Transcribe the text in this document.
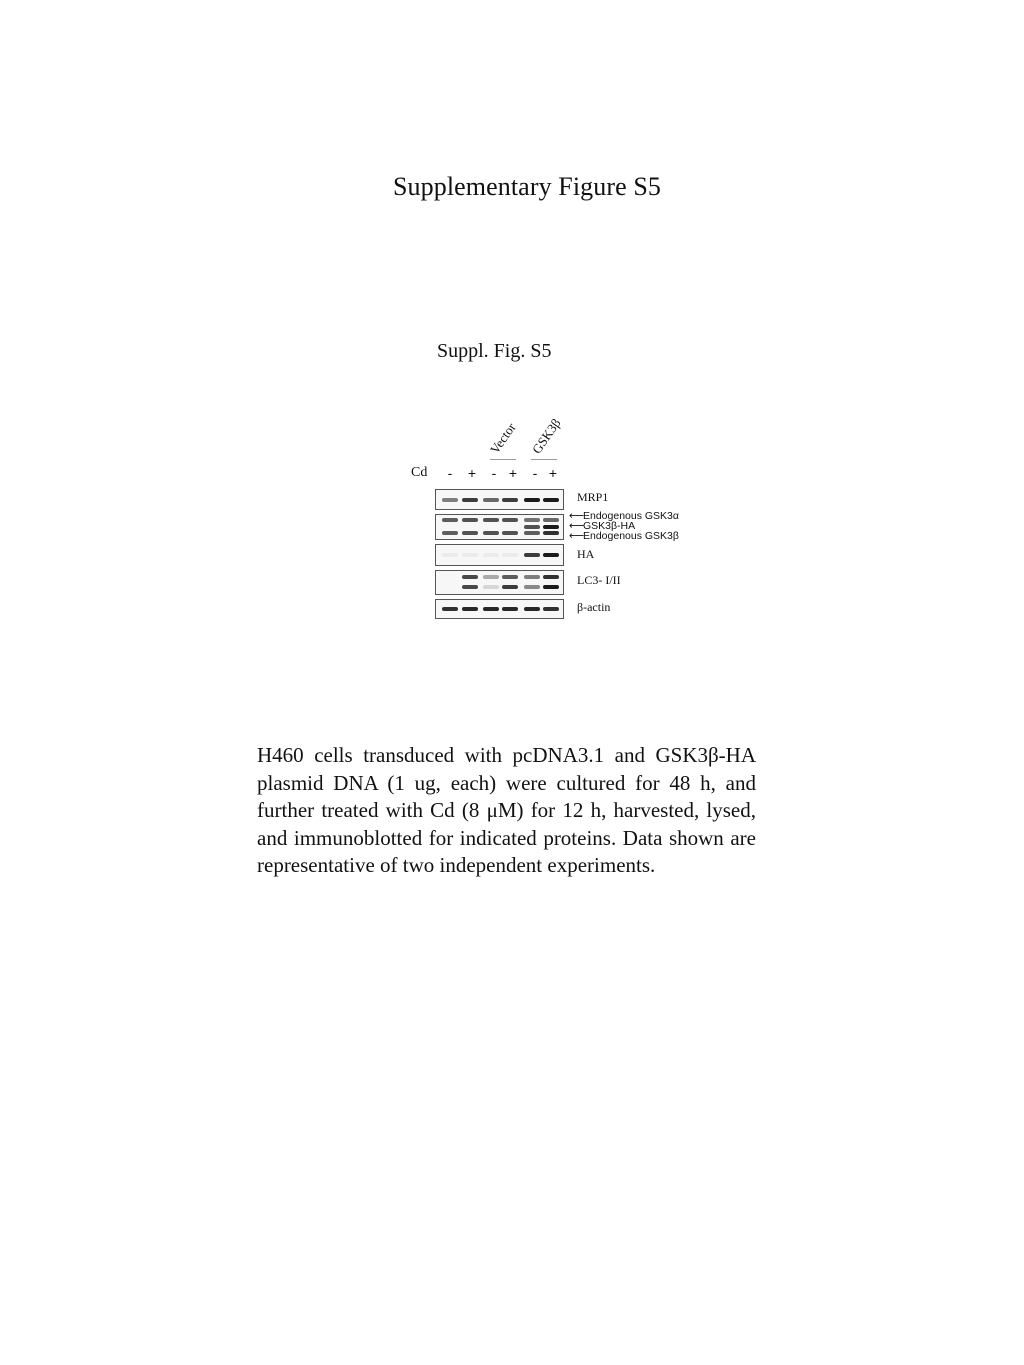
Supplementary Figure S5
Suppl. Fig. S5
Vector GSK3β
Cd	-	+	- +	- +
MRP1
⟵Endogenous GSK3α
⟵GSK3β-HA
⟵Endogenous GSK3β
HA
LC3- I/II
β-actin
H460 cells transduced with pcDNA3.1 and GSK3β-HA plasmid DNA (1 ug, each) were cultured for 48 h, and further treated with Cd (8 μM) for 12 h, harvested, lysed, and immunoblotted for indicated proteins. Data shown are representative of two independent experiments.
